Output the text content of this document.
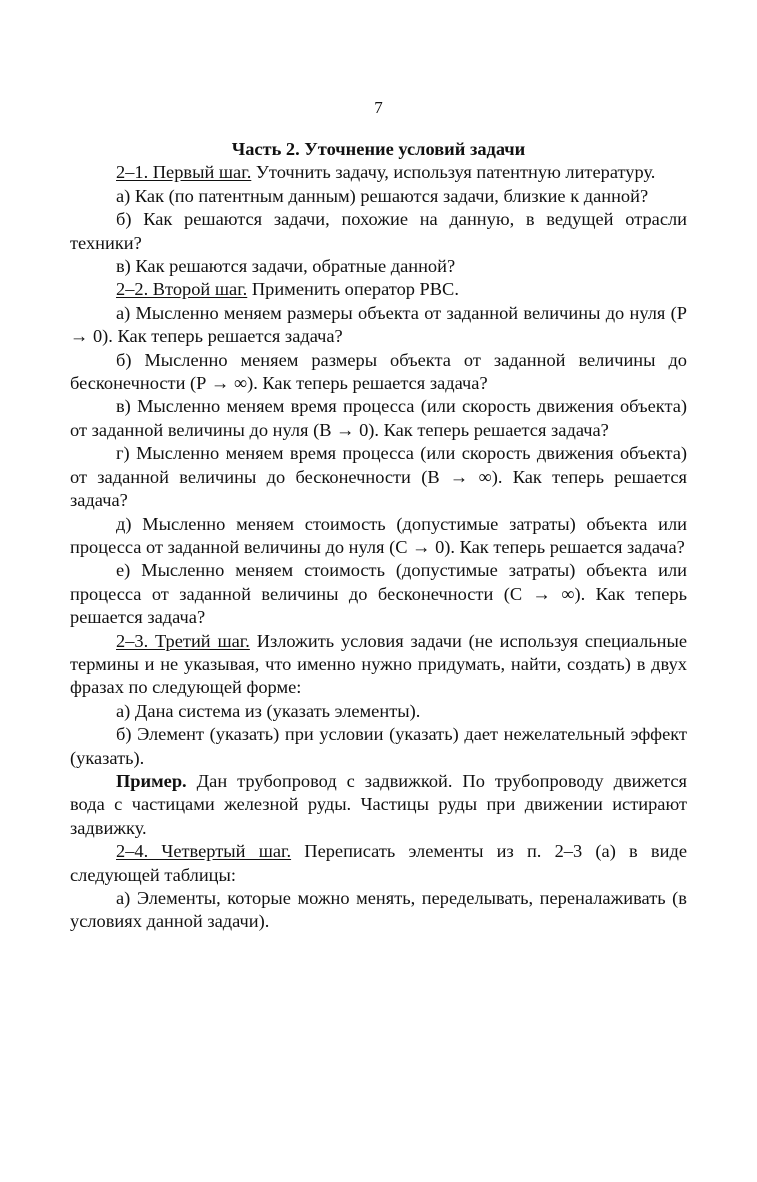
7

Часть 2. Уточнение условий задачи

2–1. Первый шаг. Уточнить задачу, используя патентную литературу.

а) Как (по патентным данным) решаются задачи, близкие к данной?

б) Как решаются задачи, похожие на данную, в ведущей отрасли техники?

в) Как решаются задачи, обратные данной?

2–2. Второй шаг. Применить оператор РВС.

а) Мысленно меняем размеры объекта от заданной величины до нуля (Р → 0). Как теперь решается задача?

б) Мысленно меняем размеры объекта от заданной величины до бесконечности (Р → ∞). Как теперь решается задача?

в) Мысленно меняем время процесса (или скорость движения объекта) от заданной величины до нуля (В → 0). Как теперь решается задача?

г) Мысленно меняем время процесса (или скорость движения объекта) от заданной величины до бесконечности (В → ∞). Как теперь решается задача?

д) Мысленно меняем стоимость (допустимые затраты) объекта или процесса от заданной величины до нуля (С → 0). Как теперь решается задача?

е) Мысленно меняем стоимость (допустимые затраты) объекта или процесса от заданной величины до бесконечности (С → ∞). Как теперь решается задача?

2–3. Третий шаг. Изложить условия задачи (не используя специальные термины и не указывая, что именно нужно придумать, найти, создать) в двух фразах по следующей форме:

а) Дана система из (указать элементы).

б) Элемент (указать) при условии (указать) дает нежелательный эффект (указать).

Пример. Дан трубопровод с задвижкой. По трубопроводу движется вода с частицами железной руды. Частицы руды при движении истирают задвижку.

2–4. Четвертый шаг. Переписать элементы из п. 2–3 (а) в виде следующей таблицы:

а) Элементы, которые можно менять, переделывать, переналаживать (в условиях данной задачи).
